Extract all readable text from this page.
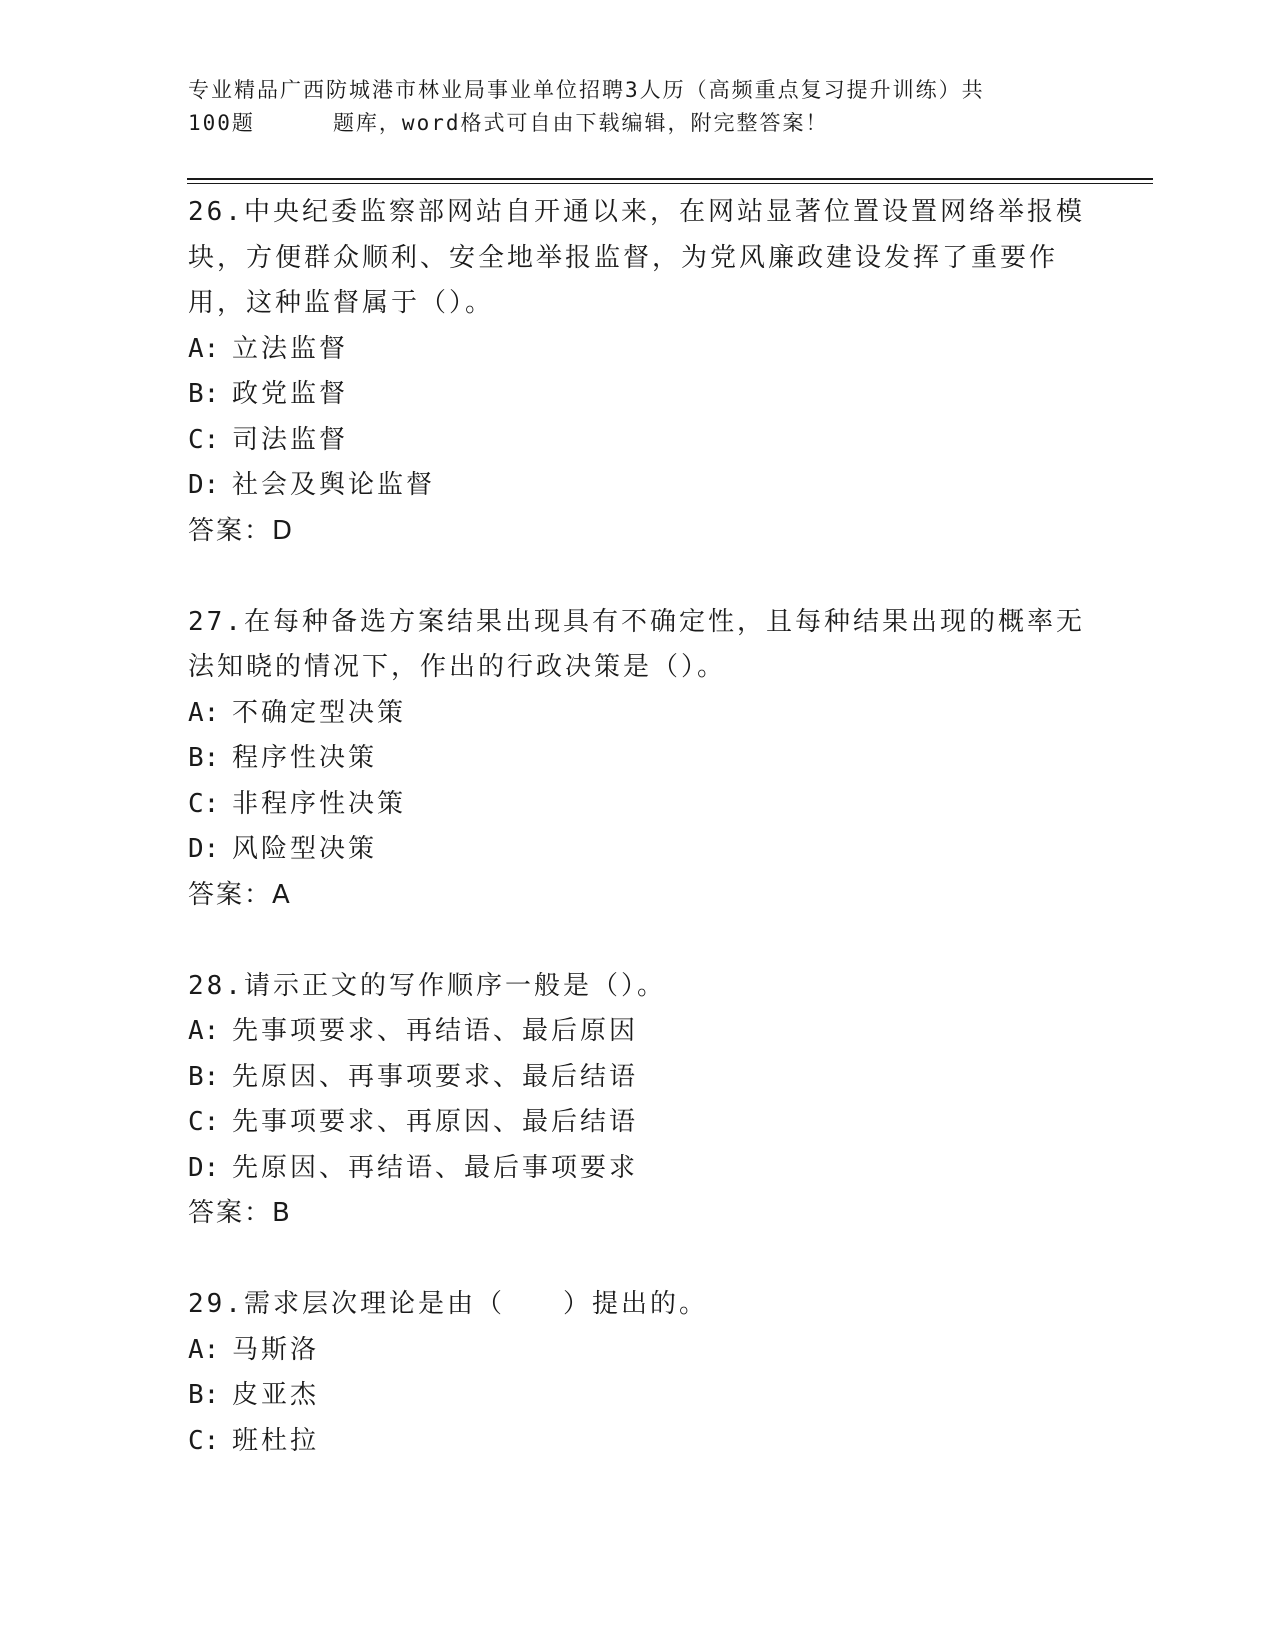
专业精品广西防城港市林业局事业单位招聘3人历（高频重点复习提升训练）共
100题	题库，word格式可自由下载编辑，附完整答案！
26.中央纪委监察部网站自开通以来，在网站显著位置设置网络举报模块，方便群众顺利、安全地举报监督，为党风廉政建设发挥了重要作用，这种监督属于（）。
A: 立法监督
B: 政党监督
C: 司法监督
D: 社会及舆论监督
答案：D
27.在每种备选方案结果出现具有不确定性，且每种结果出现的概率无法知晓的情况下，作出的行政决策是（）。
A: 不确定型决策
B: 程序性决策
C: 非程序性决策
D: 风险型决策
答案：A
28.请示正文的写作顺序一般是（）。
A: 先事项要求、再结语、最后原因
B: 先原因、再事项要求、最后结语
C: 先事项要求、再原因、最后结语
D: 先原因、再结语、最后事项要求
答案：B
29.需求层次理论是由（　　）提出的。
A: 马斯洛
B: 皮亚杰
C: 班杜拉
